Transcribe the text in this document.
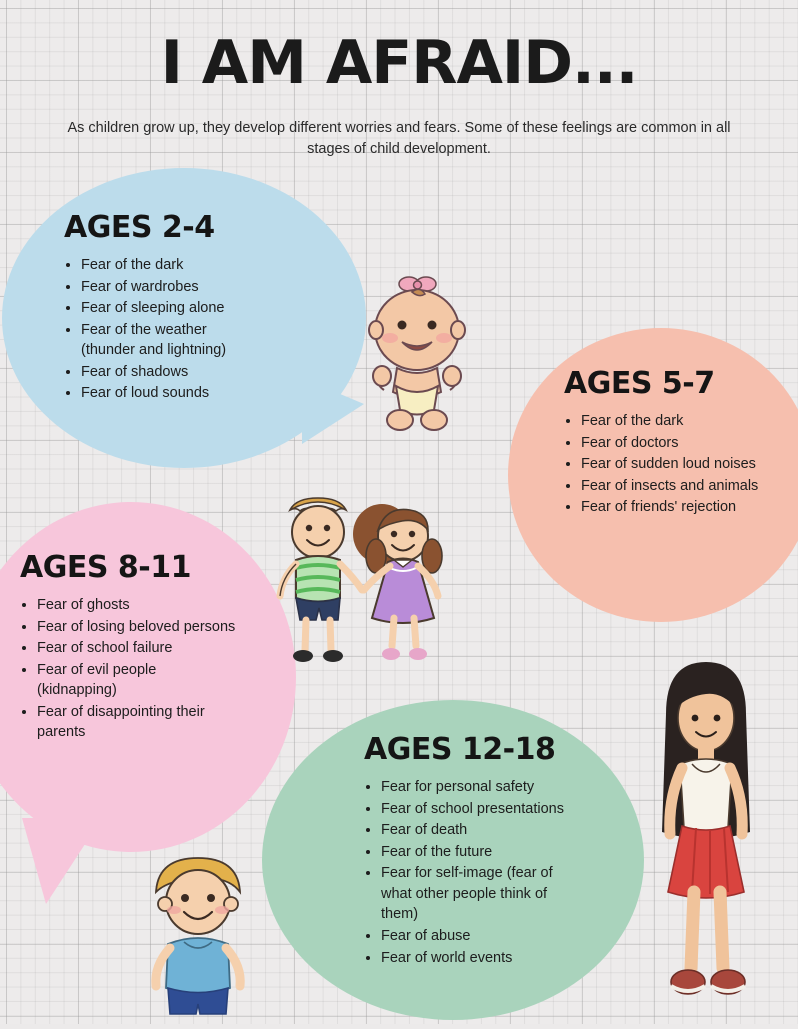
I AM AFRAID...
As children grow up, they develop different worries and fears. Some of these feelings are common in all stages of child development.
AGES 2-4
• Fear of the dark
• Fear of wardrobes
• Fear of sleeping alone
• Fear of the weather (thunder and lightning)
• Fear of shadows
• Fear of loud sounds	AGES 5-7
• Fear of the dark
• Fear of doctors
• Fear of sudden loud noises
• Fear of insects and animals
• Fear of friends' rejection
AGES 8-11
• Fear of ghosts
• Fear of losing beloved persons
• Fear of school failure
• Fear of evil people (kidnapping)
• Fear of disappointing their parents	AGES 12-18
• Fear for personal safety
• Fear of school presentations
• Fear of death
• Fear of the future
• Fear for self-image (fear of what other people think of them)
• Fear of abuse
• Fear of world events
